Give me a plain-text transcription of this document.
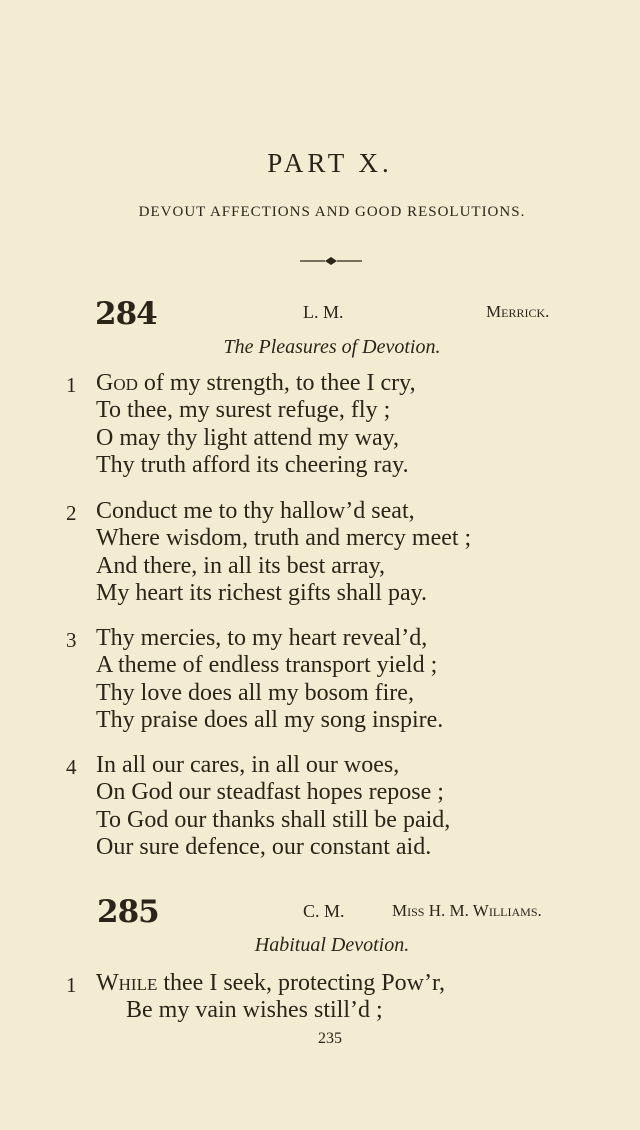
PART X.
DEVOUT AFFECTIONS AND GOOD RESOLUTIONS.
284	L. M.	Merrick.
The Pleasures of Devotion.
1 God of my strength, to thee I cry,
To thee, my surest refuge, fly ;
O may thy light attend my way,
Thy truth afford its cheering ray.
2 Conduct me to thy hallow’d seat,
Where wisdom, truth and mercy meet ;
And there, in all its best array,
My heart its richest gifts shall pay.
3 Thy mercies, to my heart reveal’d,
A theme of endless transport yield ;
Thy love does all my bosom fire,
Thy praise does all my song inspire.
4 In all our cares, in all our woes,
On God our steadfast hopes repose ;
To God our thanks shall still be paid,
Our sure defence, our constant aid.
285	C. M.	Miss H. M. Williams.
Habitual Devotion.
1 While thee I seek, protecting Pow’r,
Be my vain wishes still’d ;
235
